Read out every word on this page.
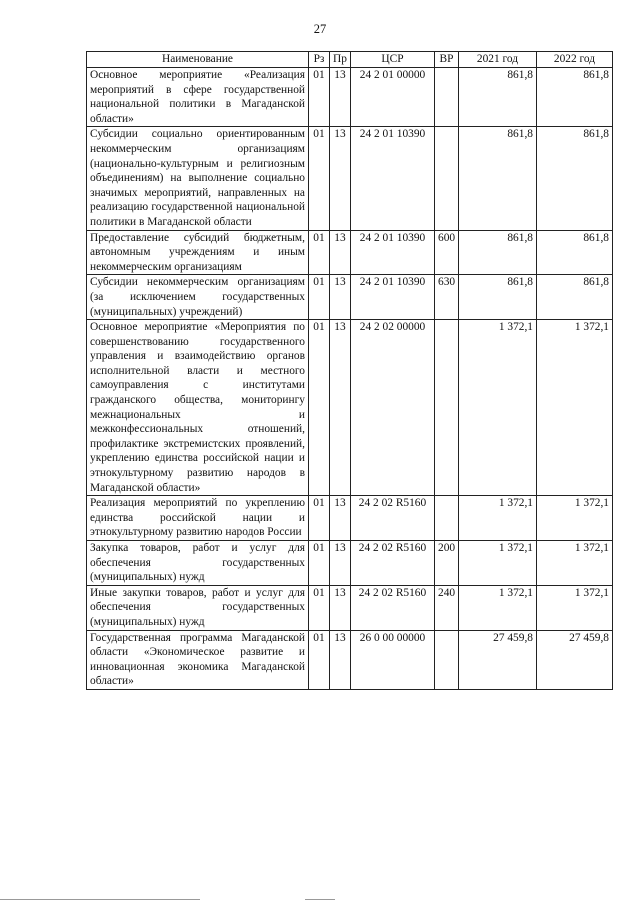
27
Наименование	Рз	Пр	ЦСР	ВР	2021 год	2022 год
Основное мероприятие «Реализация мероприятий в сфере государственной национальной политики в Магаданской области»	01	13	24 2 01 00000		861,8	861,8
Субсидии социально ориентированным некоммерческим организациям (национально-культурным и религиозным объединениям) на выполнение социально значимых мероприятий, направленных на реализацию государственной национальной политики в Магаданской области	01	13	24 2 01 10390		861,8	861,8
Предоставление субсидий бюджетным, автономным учреждениям и иным некоммерческим организациям	01	13	24 2 01 10390	600	861,8	861,8
Субсидии некоммерческим организациям (за исключением государственных (муниципальных) учреждений)	01	13	24 2 01 10390	630	861,8	861,8
Основное мероприятие «Мероприятия по совершенствованию государственного управления и взаимодействию органов исполнительной власти и местного самоуправления с институтами гражданского общества, мониторингу межнациональных и межконфессиональных отношений, профилактике экстремистских проявлений, укреплению единства российской нации и этнокультурному развитию народов в Магаданской области»	01	13	24 2 02 00000		1 372,1	1 372,1
Реализация мероприятий по укреплению единства российской нации и этнокультурному развитию народов России	01	13	24 2 02 R5160		1 372,1	1 372,1
Закупка товаров, работ и услуг для обеспечения государственных (муниципальных) нужд	01	13	24 2 02 R5160	200	1 372,1	1 372,1
Иные закупки товаров, работ и услуг для обеспечения государственных (муниципальных) нужд	01	13	24 2 02 R5160	240	1 372,1	1 372,1
Государственная программа Магаданской области «Экономическое развитие и инновационная экономика Магаданской области»	01	13	26 0 00 00000		27 459,8	27 459,8
